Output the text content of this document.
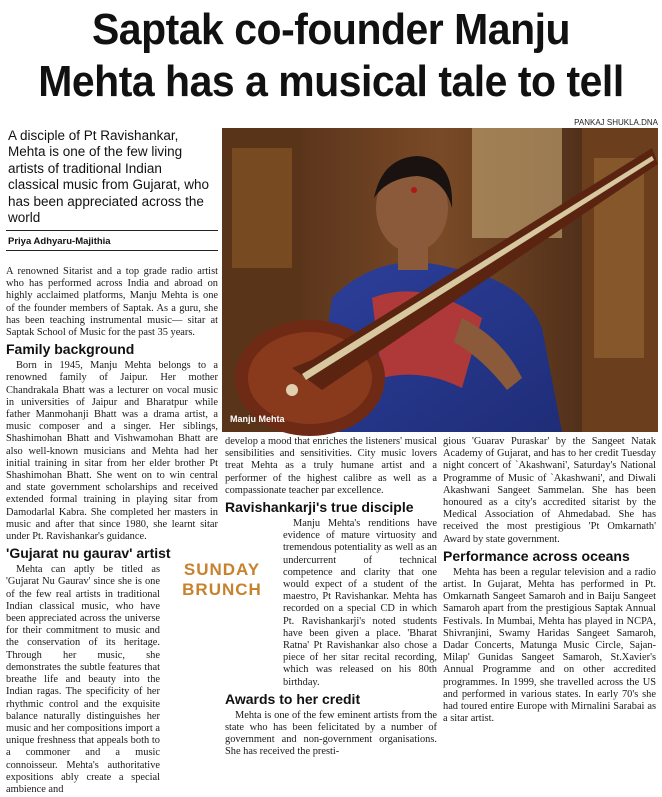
Saptak co-founder Manju
Mehta has a musical tale to tell
PANKAJ SHUKLA.DNA
Manju Mehta

A disciple of Pt Ravishankar, Mehta is one of the few living artists of traditional Indian classical music from Gujarat, who has been appreciated across the world

Priya Adhyaru-Majithia

A renowned Sitarist and a top grade radio artist who has performed across India and abroad on highly acclaimed platforms, Manju Mehta is one of the founder members of Saptak. As a guru, she has been teaching instrumental music— sitar at Saptak School of Music for the past 35 years.

Family background

Born in 1945, Manju Mehta belongs to a renowned family of Jaipur. Her mother Chandrakala Bhatt was a lecturer on vocal music in universities of Jaipur and Bharatpur while father Manmohanji Bhatt was a drama artist, a music composer and a singer. Her siblings, Shashimohan Bhatt and Vishwamohan Bhatt are also well-known musicians and Mehta had her initial training in sitar from her elder brother Pt Shashimohan Bhatt. She went on to win central and state government scholarships and received extended formal training in playing sitar from Damodarlal Kabra. She completed her masters in music and after that since 1980, she learnt sitar under Pt. Ravishankar's guidance.

'Gujarat nu gaurav' artist

Mehta can aptly be titled as 'Gujarat Nu Gaurav' since she is one of the few real artists in traditional Indian classical music, who have been appreciated across the universe for their commitment to music and the conservation of its heritage. Through her music, she demonstrates the subtle features that breathe life and beauty into the Indian ragas. The specificity of her rhythmic control and the exquisite balance naturally distinguishes her music and her compositions import a unique freshness that appeals both to a commoner and a music connoisseur. Mehta's authoritative expositions ably create a special ambience and

develop a mood that enriches the listeners' musical sensibilities and sensitivities. City music lovers treat Mehta as a truly humane artist and a performer of the highest calibre as well as a compassionate teacher par excellence.

Ravishankarji's true disciple

Manju Mehta's renditions have evidence of mature virtuosity and tremendous potentiality as well as an undercurrent of technical competence and clarity that one would expect of a student of the maestro, Pt Ravishankar. Mehta has recorded on a special CD in which Pt. Ravishankarji's noted students have been given a place. 'Bharat Ratna' Pt Ravishankar also chose a piece of her sitar recital recording, which was released on his 80th birthday.

Awards to her credit

Mehta is one of the few eminent artists from the state who has been felicitated by a number of government and non-government organisations. She has received the presti-

gious 'Guarav Puraskar' by the Sangeet Natak Academy of Gujarat, and has to her credit Tuesday night concert of `Akashwani', Saturday's National Programme of Music of `Akashwani', and Diwali Akashwani Sangeet Sammelan. She has been honoured as a city's accredited sitarist by the Medical Association of Ahmedabad. She has received the most prestigious 'Pt Omkarnath' Award by state government.

Performance across oceans

Mehta has been a regular television and a radio artist. In Gujarat, Mehta has performed in Pt. Omkarnath Sangeet Samaroh and in Baiju Sangeet Samaroh apart from the prestigious Saptak Annual Festivals. In Mumbai, Mehta has played in NCPA, Shivranjini, Swamy Haridas Sangeet Samaroh, Dadar Concerts, Matunga Music Circle, Sajan-Milap' Gunidas Sangeet Samaroh, St.Xavier's Annual Programme and on other accredited programmes. In 1999, she travelled across the US and performed in various states. In early 70's she had toured entire Europe with Mirnalini Sarabai as a sitar artist.

SUNDAY
BRUNCH
